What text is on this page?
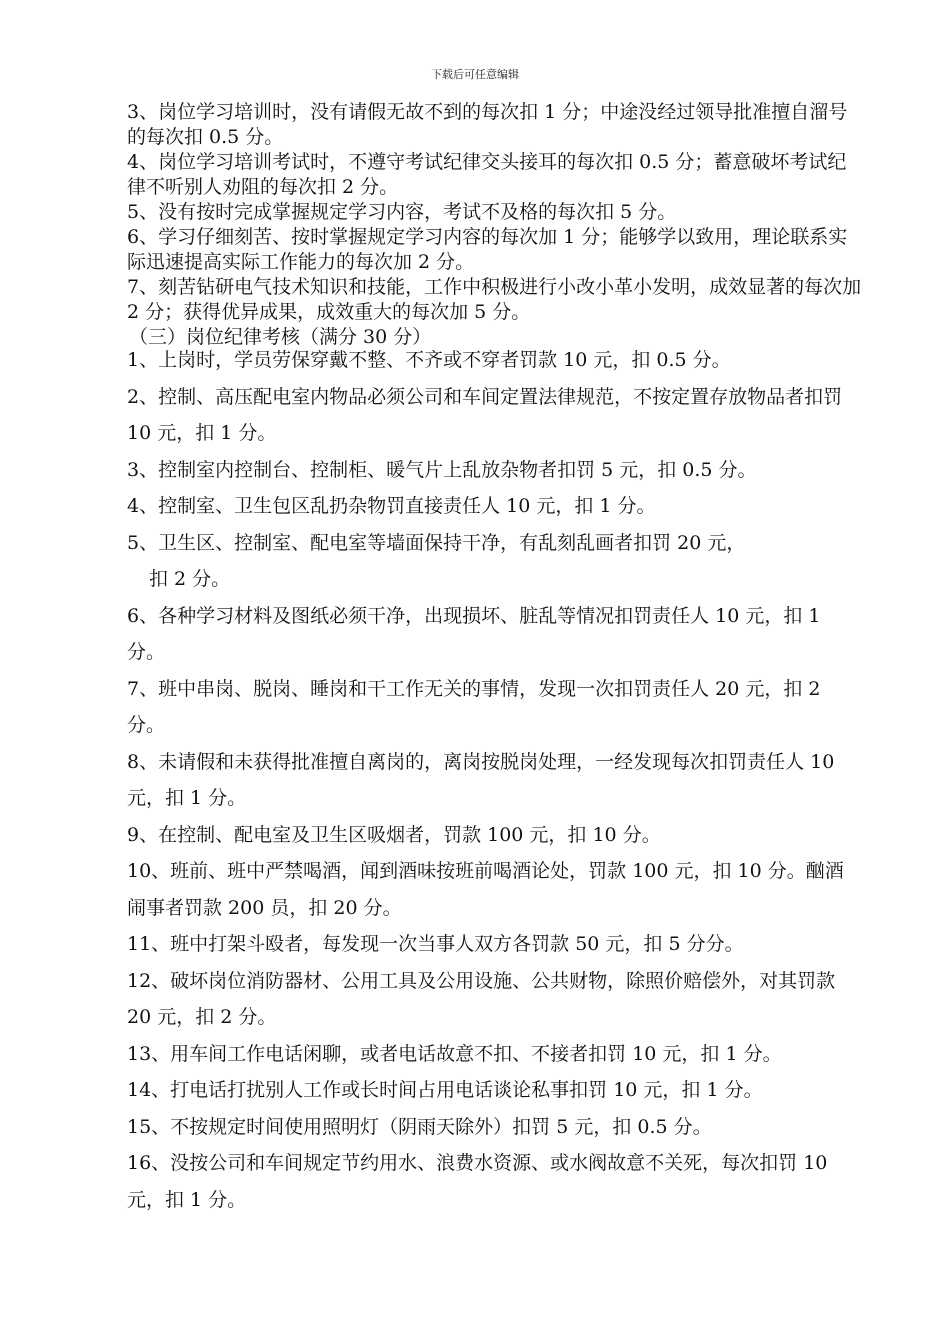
下载后可任意编辑

3、岗位学习培训时，没有请假无故不到的每次扣 1 分；中途没经过领导批准擅自溜号的每次扣 0.5 分。

4、岗位学习培训考试时，不遵守考试纪律交头接耳的每次扣 0.5 分；蓄意破坏考试纪律不听别人劝阻的每次扣 2 分。

5、没有按时完成掌握规定学习内容，考试不及格的每次扣 5 分。

6、学习仔细刻苦、按时掌握规定学习内容的每次加 1 分；能够学以致用，理论联系实际迅速提高实际工作能力的每次加 2 分。

7、刻苦钻研电气技术知识和技能，工作中积极进行小改小革小发明，成效显著的每次加 2 分；获得优异成果，成效重大的每次加 5 分。

（三）岗位纪律考核（满分 30 分）

1、上岗时，学员劳保穿戴不整、不齐或不穿者罚款 10 元，扣 0.5 分。

2、控制、高压配电室内物品必须公司和车间定置法律规范，不按定置存放物品者扣罚 10 元，扣 1 分。

3、控制室内控制台、控制柜、暖气片上乱放杂物者扣罚 5 元，扣 0.5 分。

4、控制室、卫生包区乱扔杂物罚直接责任人 10 元，扣 1 分。

5、卫生区、控制室、配电室等墙面保持干净，有乱刻乱画者扣罚 20 元，

扣 2 分。

6、各种学习材料及图纸必须干净，出现损坏、脏乱等情况扣罚责任人 10 元，扣 1 分。

7、班中串岗、脱岗、睡岗和干工作无关的事情，发现一次扣罚责任人 20 元，扣 2 分。

8、未请假和未获得批准擅自离岗的，离岗按脱岗处理，一经发现每次扣罚责任人 10 元，扣 1 分。

9、在控制、配电室及卫生区吸烟者，罚款 100 元，扣 10 分。

10、班前、班中严禁喝酒，闻到酒味按班前喝酒论处，罚款 100 元，扣 10 分。酗酒闹事者罚款 200 员，扣 20 分。

11、班中打架斗殴者，每发现一次当事人双方各罚款 50 元，扣 5 分分。

12、破坏岗位消防器材、公用工具及公用设施、公共财物，除照价赔偿外，对其罚款 20 元，扣 2 分。

13、用车间工作电话闲聊，或者电话故意不扣、不接者扣罚 10 元，扣 1 分。

14、打电话打扰别人工作或长时间占用电话谈论私事扣罚 10 元，扣 1 分。

15、不按规定时间使用照明灯（阴雨天除外）扣罚 5 元，扣 0.5 分。

16、没按公司和车间规定节约用水、浪费水资源、或水阀故意不关死，每次扣罚 10 元，扣 1 分。
